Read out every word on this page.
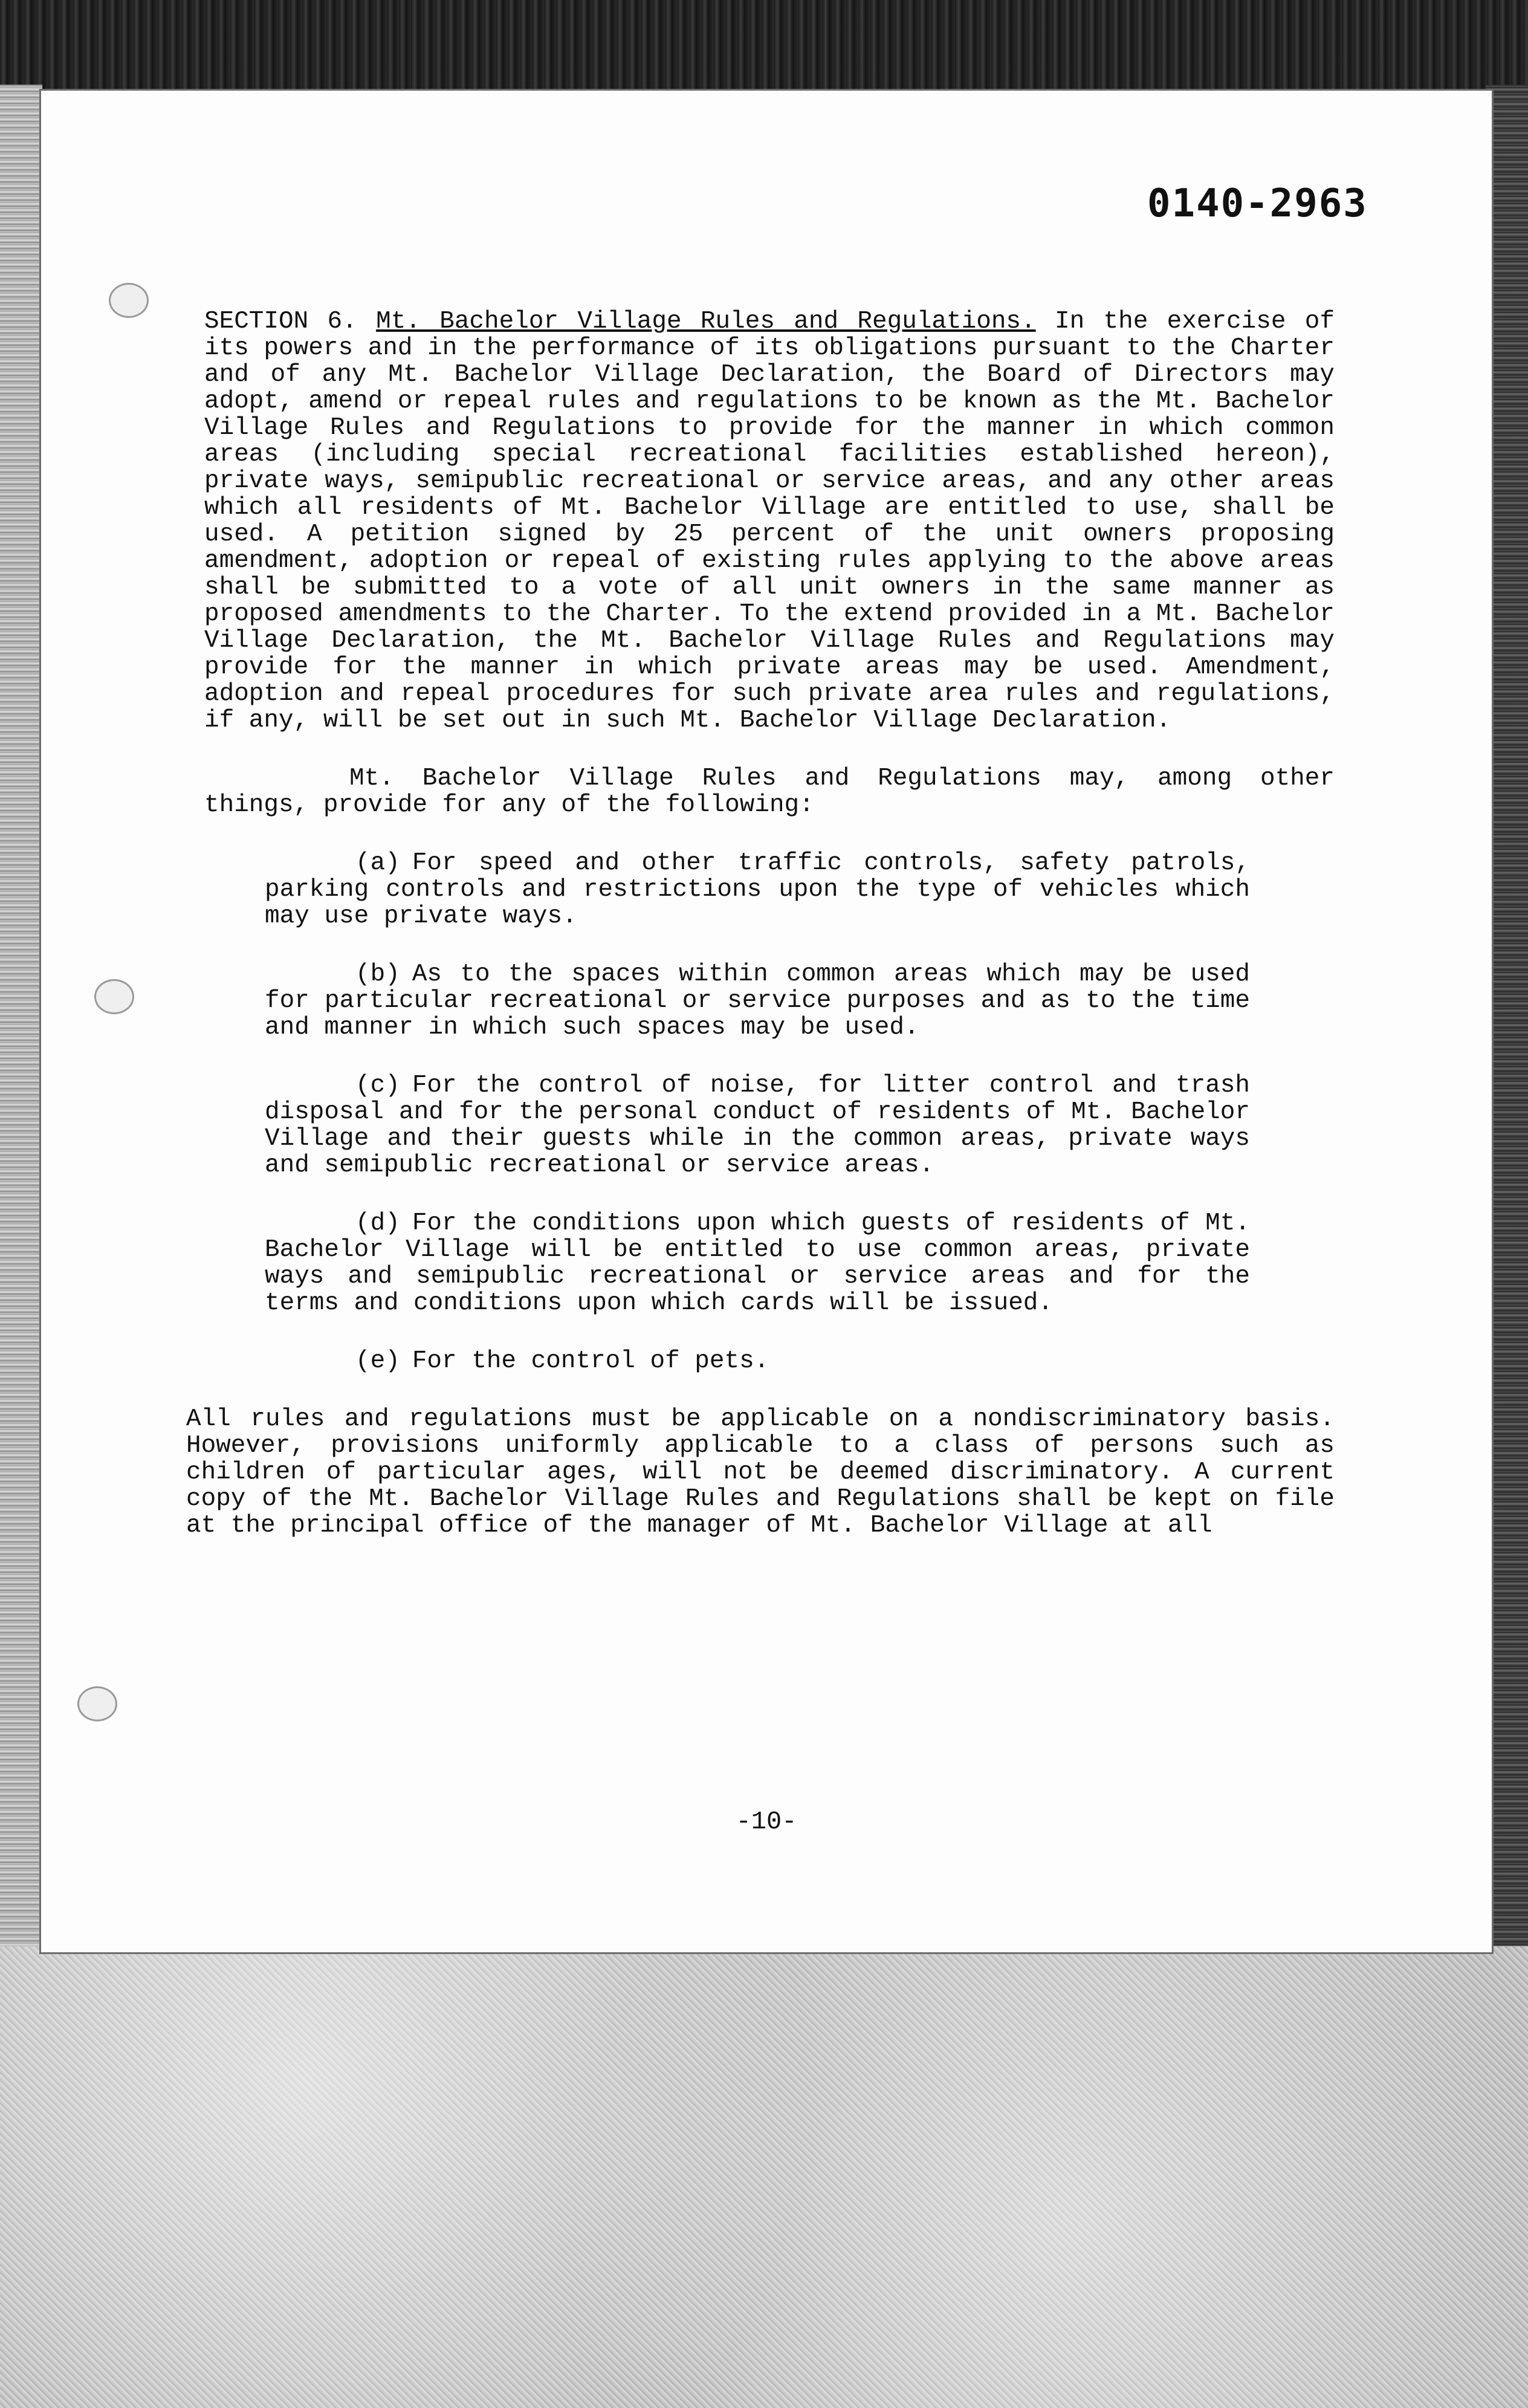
0140-2963

SECTION 6. Mt. Bachelor Village Rules and Regulations. In the exercise of its powers and in the performance of its obligations pursuant to the Charter and of any Mt. Bachelor Village Declaration, the Board of Directors may adopt, amend or repeal rules and regulations to be known as the Mt. Bachelor Village Rules and Regulations to provide for the manner in which common areas (including special recreational facilities established hereon), private ways, semipublic recreational or service areas, and any other areas which all residents of Mt. Bachelor Village are entitled to use, shall be used. A petition signed by 25 percent of the unit owners proposing amendment, adoption or repeal of existing rules applying to the above areas shall be submitted to a vote of all unit owners in the same manner as proposed amendments to the Charter. To the extend provided in a Mt. Bachelor Village Declaration, the Mt. Bachelor Village Rules and Regulations may provide for the manner in which private areas may be used. Amendment, adoption and repeal procedures for such private area rules and regulations, if any, will be set out in such Mt. Bachelor Village Declaration.

Mt. Bachelor Village Rules and Regulations may, among other things, provide for any of the following:

(a) For speed and other traffic controls, safety patrols, parking controls and restrictions upon the type of vehicles which may use private ways.

(b) As to the spaces within common areas which may be used for particular recreational or service purposes and as to the time and manner in which such spaces may be used.

(c) For the control of noise, for litter control and trash disposal and for the personal conduct of residents of Mt. Bachelor Village and their guests while in the common areas, private ways and semipublic recreational or service areas.

(d) For the conditions upon which guests of residents of Mt. Bachelor Village will be entitled to use common areas, private ways and semipublic recreational or service areas and for the terms and conditions upon which cards will be issued.

(e) For the control of pets.

All rules and regulations must be applicable on a nondiscriminatory basis. However, provisions uniformly applicable to a class of persons such as children of particular ages, will not be deemed discriminatory. A current copy of the Mt. Bachelor Village Rules and Regulations shall be kept on file at the principal office of the manager of Mt. Bachelor Village at all

-10-
